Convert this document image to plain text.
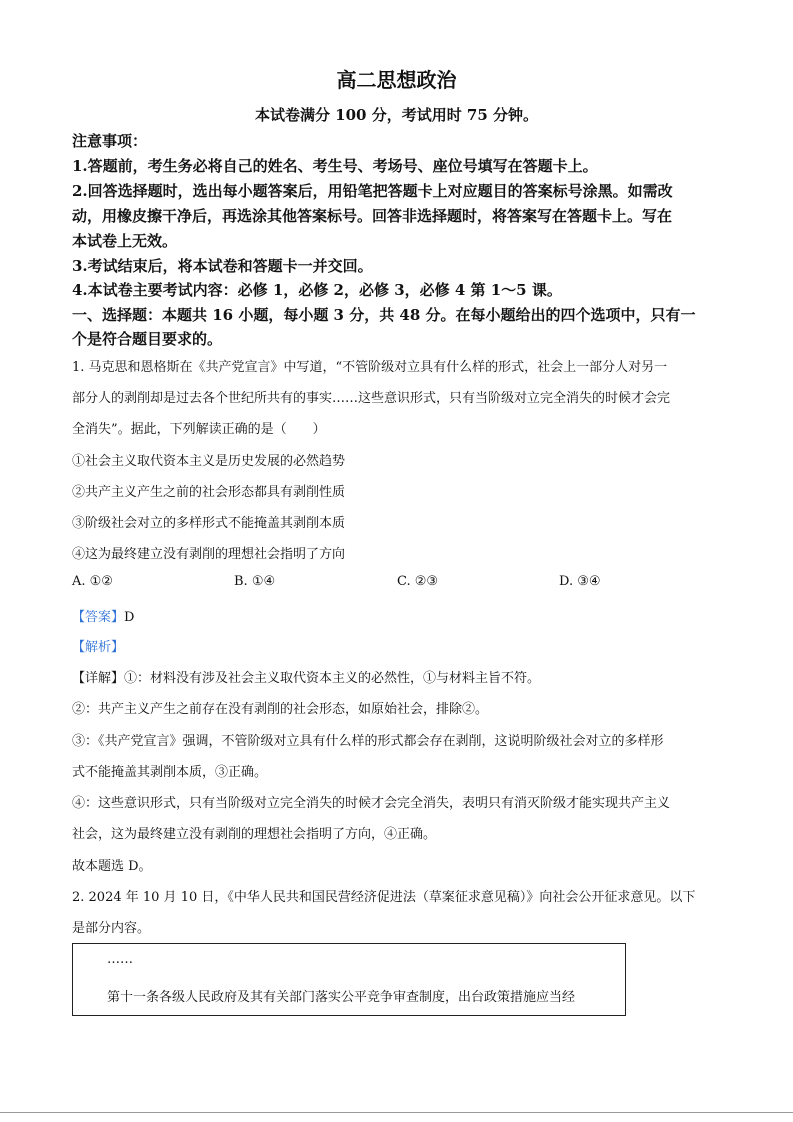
高二思想政治
本试卷满分 100 分，考试用时 75 分钟。
注意事项：
1.答题前，考生务必将自己的姓名、考生号、考场号、座位号填写在答题卡上。
2.回答选择题时，选出每小题答案后，用铅笔把答题卡上对应题目的答案标号涂黑。如需改
动，用橡皮擦干净后，再选涂其他答案标号。回答非选择题时，将答案写在答题卡上。写在
本试卷上无效。
3.考试结束后，将本试卷和答题卡一并交回。
4.本试卷主要考试内容：必修 1，必修 2，必修 3，必修 4 第 1～5 课。
一、选择题：本题共 16 小题，每小题 3 分，共 48 分。在每小题给出的四个选项中，只有一
个是符合题目要求的。
1. 马克思和恩格斯在《共产党宣言》中写道，“不管阶级对立具有什么样的形式，社会上一部分人对另一
部分人的剥削却是过去各个世纪所共有的事实……这些意识形式，只有当阶级对立完全消失的时候才会完
全消失”。据此，下列解读正确的是（　　）
①社会主义取代资本主义是历史发展的必然趋势
②共产主义产生之前的社会形态都具有剥削性质
③阶级社会对立的多样形式不能掩盖其剥削本质
④这为最终建立没有剥削的理想社会指明了方向
A. ①②	B. ①④	C. ②③	D. ③④
【答案】D
【解析】
【详解】①：材料没有涉及社会主义取代资本主义的必然性，①与材料主旨不符。
②：共产主义产生之前存在没有剥削的社会形态，如原始社会，排除②。
③：《共产党宣言》强调，不管阶级对立具有什么样的形式都会存在剥削，这说明阶级社会对立的多样形
式不能掩盖其剥削本质，③正确。
④：这些意识形式，只有当阶级对立完全消失的时候才会完全消失，表明只有消灭阶级才能实现共产主义
社会，这为最终建立没有剥削的理想社会指明了方向，④正确。
故本题选 D。
2. 2024 年 10 月 10 日，《中华人民共和国民营经济促进法（草案征求意见稿）》向社会公开征求意见。以下
是部分内容。
……
第十一条各级人民政府及其有关部门落实公平竞争审查制度，出台政策措施应当经
